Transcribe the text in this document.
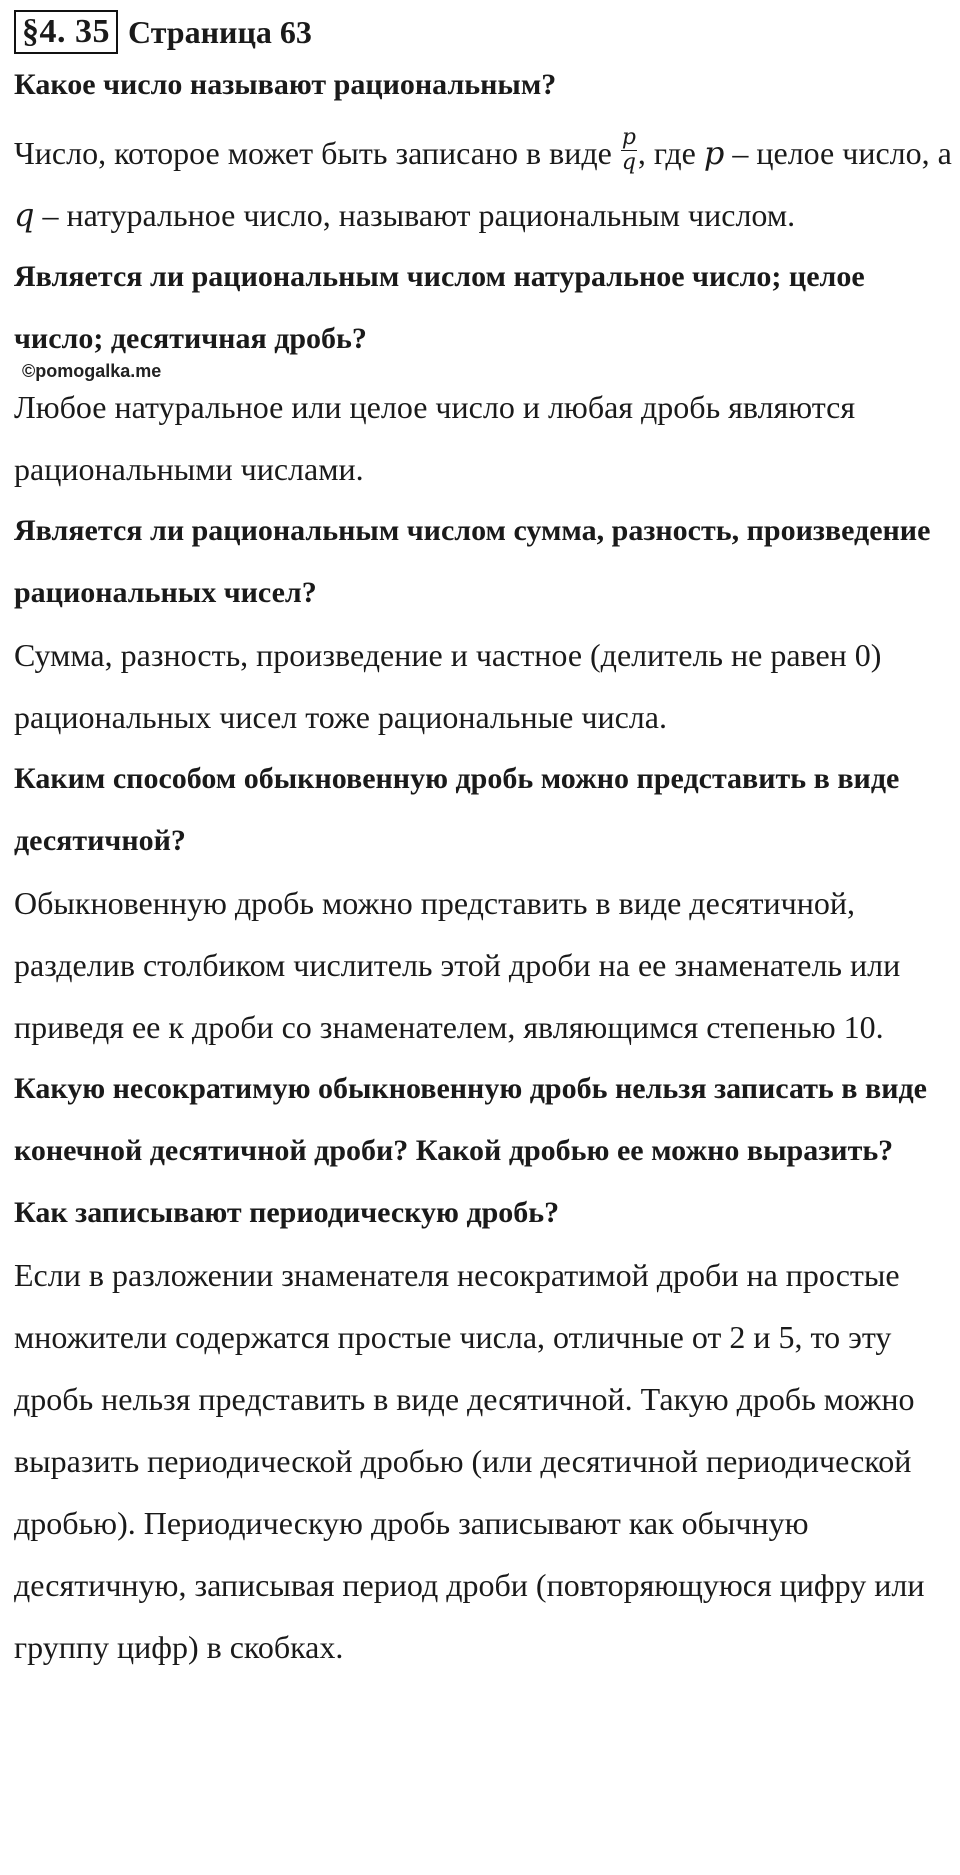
§4. 35 Страница 63

Какое число называют рациональным?

Число, которое может быть записано в виде $\frac{p}{q}$ , где p – целое число, а q – натуральное число, называют рациональным числом.

Является ли рациональным числом натуральное число; целое число; десятичная дробь?

©pomogalka.me

Любое натуральное или целое число и любая дробь являются рациональными числами.

Является ли рациональным числом сумма, разность, произведение рациональных чисел?

Сумма, разность, произведение и частное (делитель не равен 0) рациональных чисел тоже рациональные числа.

Каким способом обыкновенную дробь можно представить в виде десятичной?

Обыкновенную дробь можно представить в виде десятичной, разделив столбиком числитель этой дроби на ее знаменатель или приведя ее к дроби со знаменателем, являющимся степенью 10.

Какую несократимую обыкновенную дробь нельзя записать в виде конечной десятичной дроби? Какой дробью ее можно выразить? Как записывают периодическую дробь?

Если в разложении знаменателя несократимой дроби на простые множители содержатся простые числа, отличные от 2 и 5, то эту дробь нельзя представить в виде десятичной. Такую дробь можно выразить периодической дробью (или десятичной периодической дробью). Периодическую дробь записывают как обычную десятичную, записывая период дроби (повторяющуюся цифру или группу цифр) в скобках.
